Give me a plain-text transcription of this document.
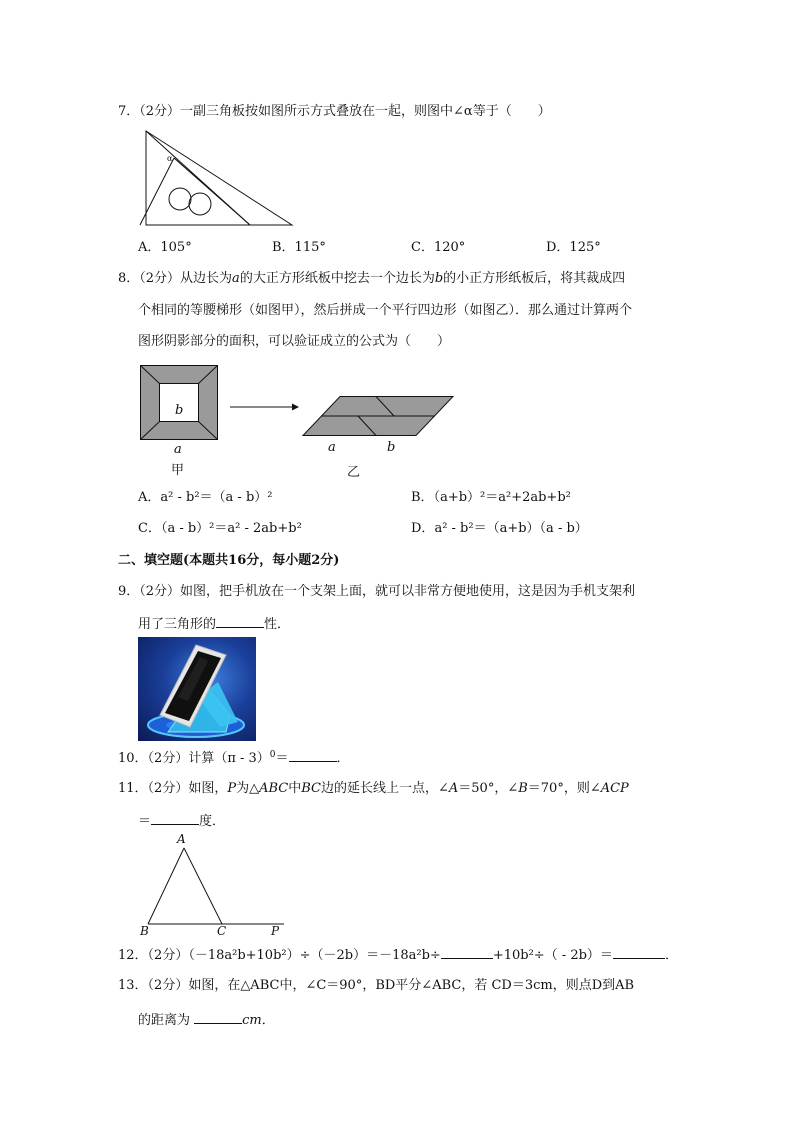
7．（2分）一副三角板按如图所示方式叠放在一起，则图中∠α等于（　　）
α
A．105°	B．115°	C．120°	D．125°
8．（2分）从边长为a的大正方形纸板中挖去一个边长为b的小正方形纸板后，将其裁成四
个相同的等腰梯形（如图甲），然后拼成一个平行四边形（如图乙）．那么通过计算两个
图形阴影部分的面积，可以验证成立的公式为（　　）
b
a
甲
a	b
乙
A．a² - b²＝（a - b）²	B．（a+b）²＝a²+2ab+b²
C．（a - b）²＝a² - 2ab+b²	D．a² - b²＝（a+b）（a - b）
二、填空题(本题共16分，每小题2分)
9．（2分）如图，把手机放在一个支架上面，就可以非常方便地使用，这是因为手机支架利
用了三角形的	性．
10．（2分）计算（π - 3）$^0$＝	．
11．（2分）如图，P为△ABC中BC边的延长线上一点，∠A＝50°，∠B＝70°，则∠ACP
＝	度．
A
B	C	P
12．（2分）（－18a²b+10b²）÷（－2b）＝－18a²b÷	+10b²÷（ - 2b）＝	．
13．（2分）如图，在△ABC中，∠C＝90°，BD平分∠ABC，若 CD＝3cm，则点D到AB
的距离为	cm．
